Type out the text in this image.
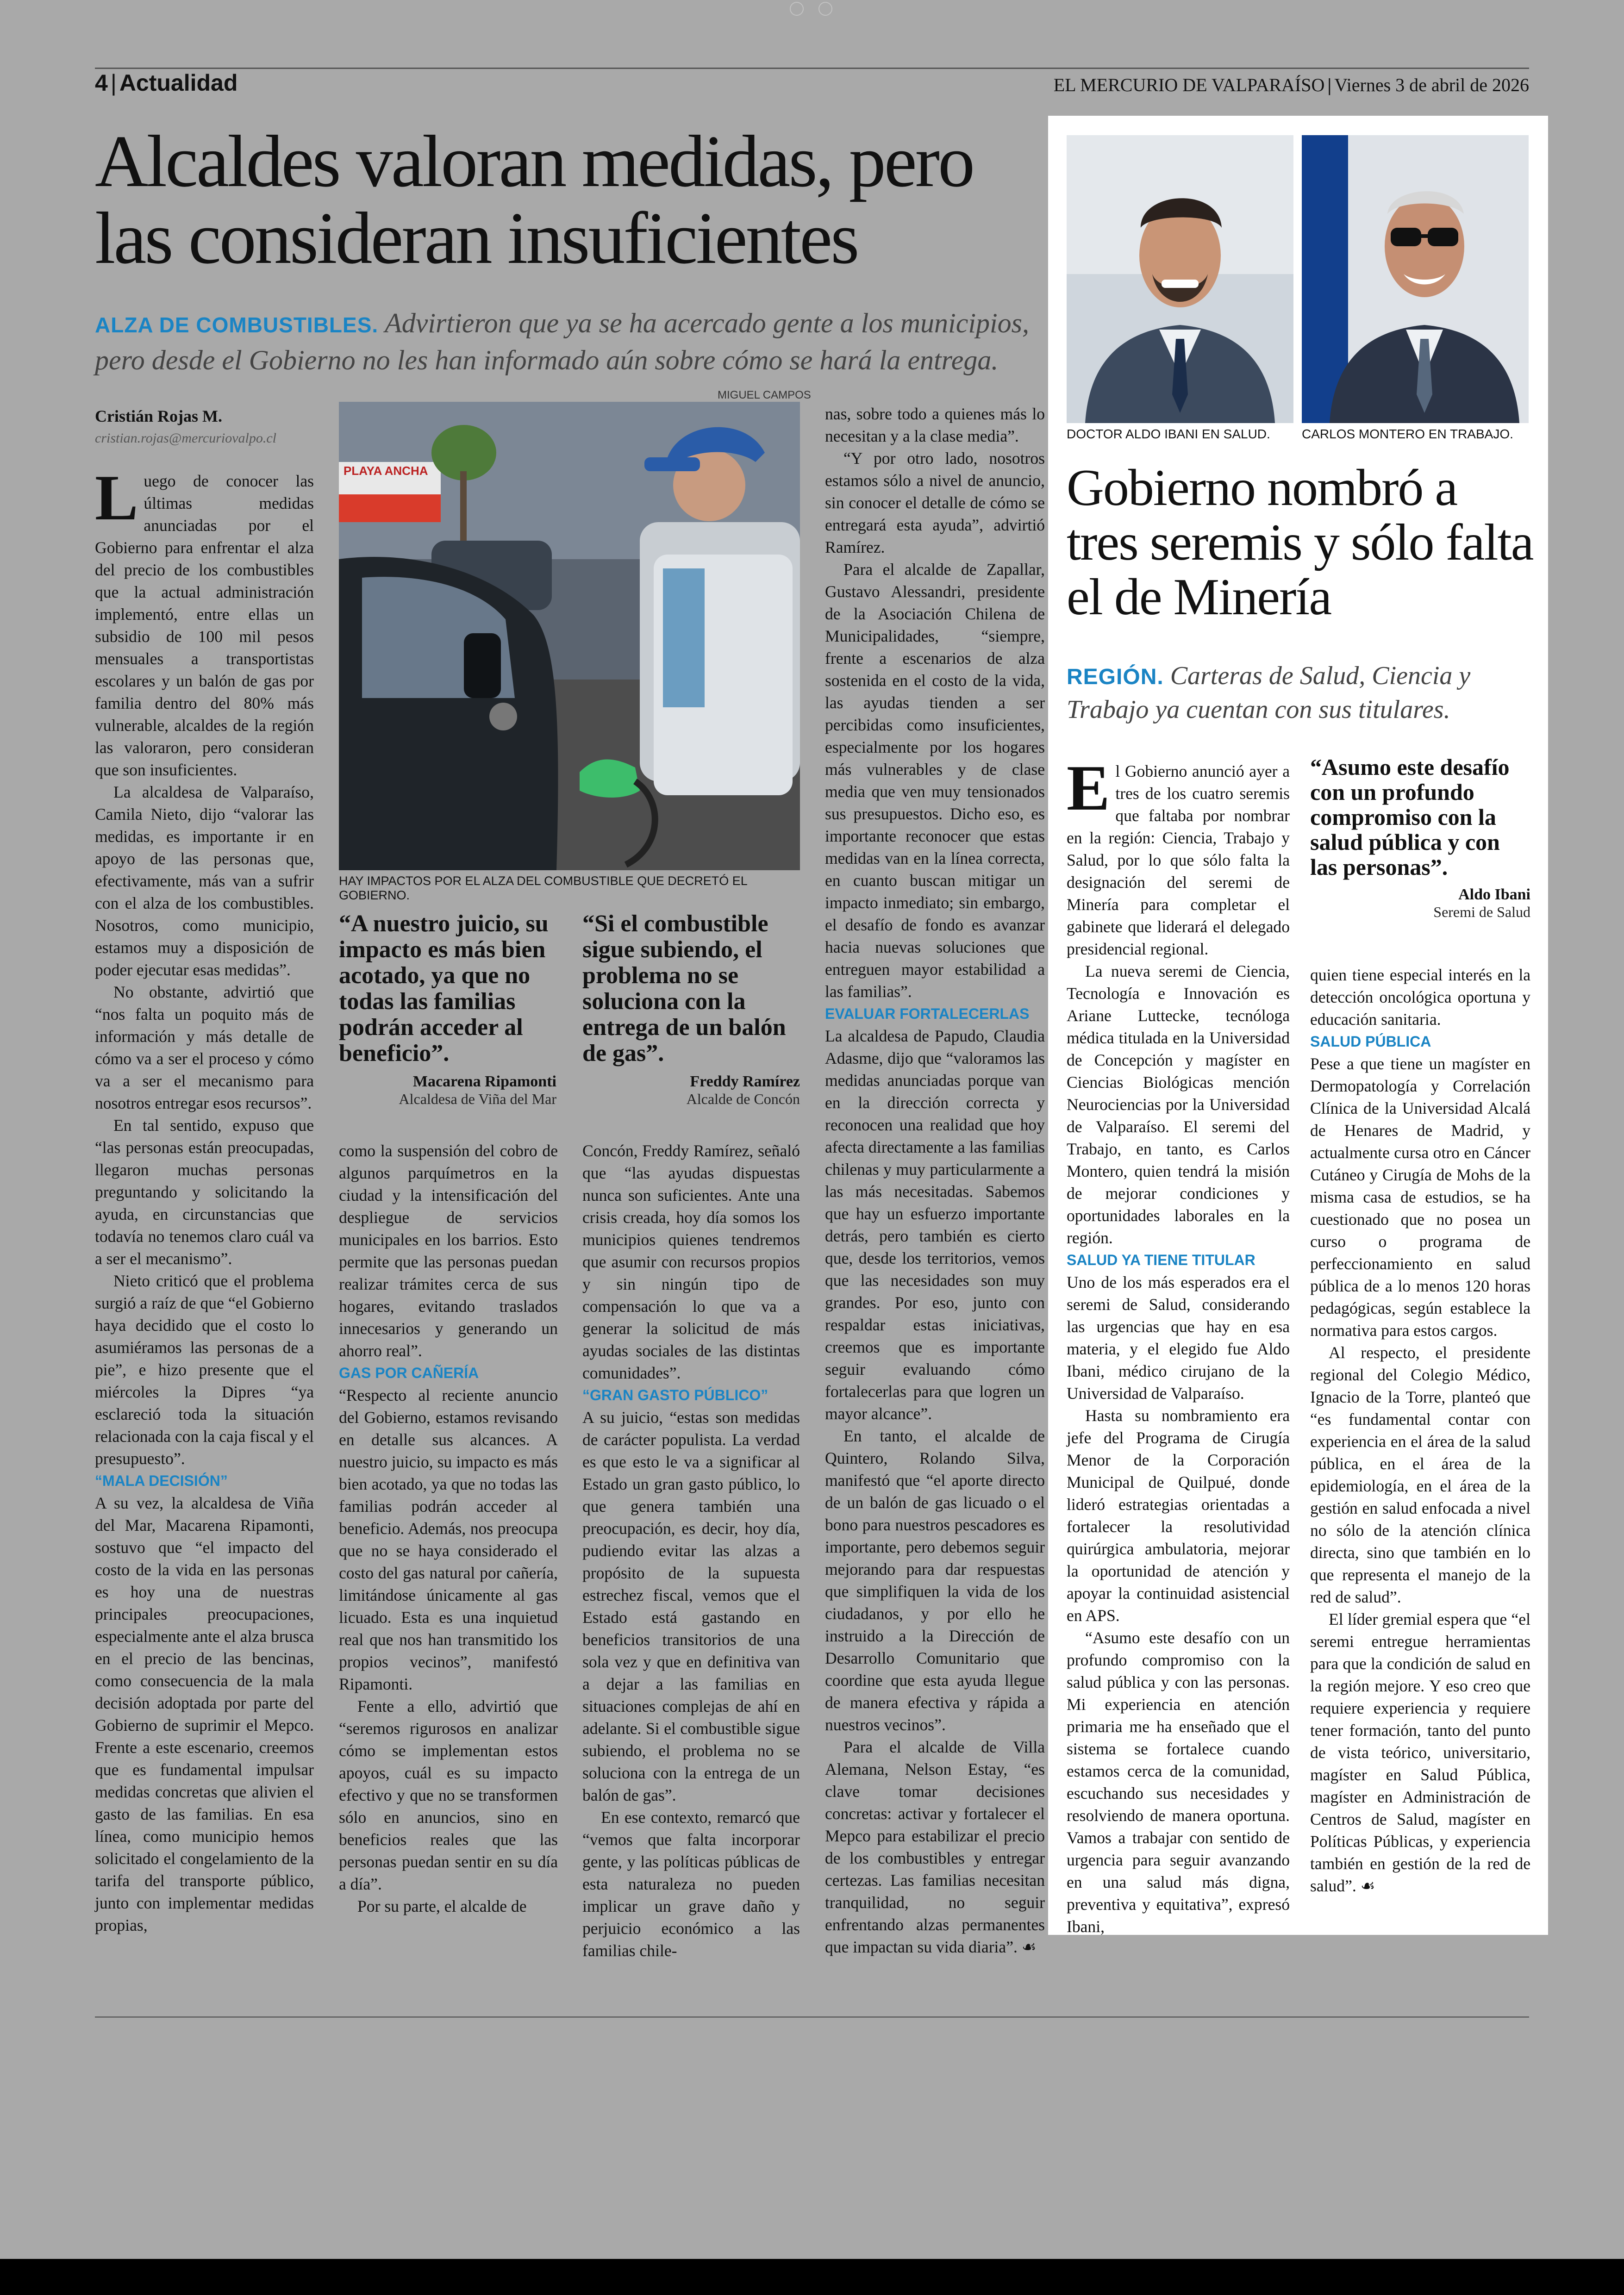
4 | Actualidad	EL MERCURIO DE VALPARAÍSO | Viernes 3 de abril de 2026
Alcaldes valoran medidas, pero las consideran insuficientes
ALZA DE COMBUSTIBLES. Advirtieron que ya se ha acercado gente a los municipios, pero desde el Gobierno no les han informado aún sobre cómo se hará la entrega.

Cristián Rojas M.

cristian.rojas@mercuriovalpo.cl

Luego de conocer las últimas medidas anunciadas por el Gobierno para enfrentar el alza del precio de los combustibles que la actual administración implementó, entre ellas un subsidio de 100 mil pesos mensuales a transportistas escolares y un balón de gas por familia dentro del 80% más vulnerable, alcaldes de la región las valoraron, pero consideran que son insuficientes.

La alcaldesa de Valparaíso, Camila Nieto, dijo “valorar las medidas, es importante ir en apoyo de las personas que, efectivamente, más van a sufrir con el alza de los combustibles. Nosotros, como municipio, estamos muy a disposición de poder ejecutar esas medidas”.

No obstante, advirtió que “nos falta un poquito más de información y más detalle de cómo va a ser el proceso y cómo va a ser el mecanismo para nosotros entregar esos recursos”.

En tal sentido, expuso que “las personas están preocupadas, llegaron muchas personas preguntando y solicitando la ayuda, en circunstancias que todavía no tenemos claro cuál va a ser el mecanismo”.

Nieto criticó que el problema surgió a raíz de que “el Gobierno haya decidido que el costo lo asumiéramos las personas de a pie”, e hizo presente que el miércoles la Dipres “ya esclareció toda la situación relacionada con la caja fiscal y el presupuesto”.

“MALA DECISIÓN”

A su vez, la alcaldesa de Viña del Mar, Macarena Ripamonti, sostuvo que “el impacto del costo de la vida en las personas es hoy una de nuestras principales preocupaciones, especialmente ante el alza brusca en el precio de las bencinas, como consecuencia de la mala decisión adoptada por parte del Gobierno de suprimir el Mepco. Frente a este escenario, creemos que es fundamental impulsar medidas concretas que alivien el gasto de las familias. En esa línea, como municipio hemos solicitado el congelamiento de la tarifa del transporte público, junto con implementar medidas propias,

MIGUEL CAMPOS
PLAYA ANCHA
HAY IMPACTOS POR EL ALZA DEL COMBUSTIBLE QUE DECRETÓ EL GOBIERNO.
“A nuestro juicio, su impacto es más bien acotado, ya que no todas las familias podrán acceder al beneficio”.
Macarena Ripamonti
Alcaldesa de Viña del Mar
“Si el combustible sigue subiendo, el problema no se soluciona con la entrega de un balón de gas”.
Freddy Ramírez
Alcalde de Concón

como la suspensión del cobro de algunos parquímetros en la ciudad y la intensificación del despliegue de servicios municipales en los barrios. Esto permite que las personas puedan realizar trámites cerca de sus hogares, evitando traslados innecesarios y generando un ahorro real”.

GAS POR CAÑERÍA

“Respecto al reciente anuncio del Gobierno, estamos revisando en detalle sus alcances. A nuestro juicio, su impacto es más bien acotado, ya que no todas las familias podrán acceder al beneficio. Además, nos preocupa que no se haya considerado el costo del gas natural por cañería, limitándose únicamente al gas licuado. Esta es una inquietud real que nos han transmitido los propios vecinos”, manifestó Ripamonti.

Fente a ello, advirtió que “seremos rigurosos en analizar cómo se implementan estos apoyos, cuál es su impacto efectivo y que no se transformen sólo en anuncios, sino en beneficios reales que las personas puedan sentir en su día a día”.

Por su parte, el alcalde de

Concón, Freddy Ramírez, señaló que “las ayudas dispuestas nunca son suficientes. Ante una crisis creada, hoy día somos los municipios quienes tendremos que asumir con recursos propios y sin ningún tipo de compensación lo que va a generar la solicitud de más ayudas sociales de las distintas comunidades”.

“GRAN GASTO PÚBLICO”

A su juicio, “estas son medidas de carácter populista. La verdad es que esto le va a significar al Estado un gran gasto público, lo que genera también una preocupación, es decir, hoy día, pudiendo evitar las alzas a propósito de la supuesta estrechez fiscal, vemos que el Estado está gastando en beneficios transitorios de una sola vez y que en definitiva van a dejar a las familias en situaciones complejas de ahí en adelante. Si el combustible sigue subiendo, el problema no se soluciona con la entrega de un balón de gas”.

En ese contexto, remarcó que “vemos que falta incorporar gente, y las políticas públicas de esta naturaleza no pueden implicar un grave daño y perjuicio económico a las familias chile-

nas, sobre todo a quienes más lo necesitan y a la clase media”.

“Y por otro lado, nosotros estamos sólo a nivel de anuncio, sin conocer el detalle de cómo se entregará esta ayuda”, advirtió Ramírez.

Para el alcalde de Zapallar, Gustavo Alessandri, presidente de la Asociación Chilena de Municipalidades, “siempre, frente a escenarios de alza sostenida en el costo de la vida, las ayudas tienden a ser percibidas como insuficientes, especialmente por los hogares más vulnerables y de clase media que ven muy tensionados sus presupuestos. Dicho eso, es importante reconocer que estas medidas van en la línea correcta, en cuanto buscan mitigar un impacto inmediato; sin embargo, el desafío de fondo es avanzar hacia nuevas soluciones que entreguen mayor estabilidad a las familias”.

EVALUAR FORTALECERLAS

La alcaldesa de Papudo, Claudia Adasme, dijo que “valoramos las medidas anunciadas porque van en la dirección correcta y reconocen una realidad que hoy afecta directamente a las familias chilenas y muy particularmente a las más necesitadas. Sabemos que hay un esfuerzo importante detrás, pero también es cierto que, desde los territorios, vemos que las necesidades son muy grandes. Por eso, junto con respaldar estas iniciativas, creemos que es importante seguir evaluando cómo fortalecerlas para que logren un mayor alcance”.

En tanto, el alcalde de Quintero, Rolando Silva, manifestó que “el aporte directo de un balón de gas licuado o el bono para nuestros pescadores es importante, pero debemos seguir mejorando para dar respuestas que simplifiquen la vida de los ciudadanos, y por ello he instruido a la Dirección de Desarrollo Comunitario que coordine que esta ayuda llegue de manera efectiva y rápida a nuestros vecinos”.

Para el alcalde de Villa Alemana, Nelson Estay, “es clave tomar decisiones concretas: activar y fortalecer el Mepco para estabilizar el precio de los combustibles y entregar certezas. Las familias necesitan tranquilidad, no seguir enfrentando alzas permanentes que impactan su vida diaria”. ☙

DOCTOR ALDO IBANI EN SALUD. CARLOS MONTERO EN TRABAJO.
Gobierno nombró a tres seremis y sólo falta el de Minería
REGIÓN. Carteras de Salud, Ciencia y Trabajo ya cuentan con sus titulares.

El Gobierno anunció ayer a tres de los cuatro seremis que faltaba por nombrar en la región: Ciencia, Trabajo y Salud, por lo que sólo falta la designación del seremi de Minería para completar el gabinete que liderará el delegado presidencial regional.

La nueva seremi de Ciencia, Tecnología e Innovación es Ariane Luttecke, tecnóloga médica titulada en la Universidad de Concepción y magíster en Ciencias Biológicas mención Neurociencias por la Universidad de Valparaíso. El seremi del Trabajo, en tanto, es Carlos Montero, quien tendrá la misión de mejorar condiciones y oportunidades laborales en la región.

SALUD YA TIENE TITULAR

Uno de los más esperados era el seremi de Salud, considerando las urgencias que hay en esa materia, y el elegido fue Aldo Ibani, médico cirujano de la Universidad de Valparaíso.

Hasta su nombramiento era jefe del Programa de Cirugía Menor de la Corporación Municipal de Quilpué, donde lideró estrategias orientadas a fortalecer la resolutividad quirúrgica ambulatoria, mejorar la oportunidad de atención y apoyar la continuidad asistencial en APS.

“Asumo este desafío con un profundo compromiso con la salud pública y con las personas. Mi experiencia en atención primaria me ha enseñado que el sistema se fortalece cuando estamos cerca de la comunidad, escuchando sus necesidades y resolviendo de manera oportuna. Vamos a trabajar con sentido de urgencia para seguir avanzando en una salud más digna, preventiva y equitativa”, expresó Ibani,

“Asumo este desafío con un profundo compromiso con la salud pública y con las personas”.
Aldo Ibani
Seremi de Salud

quien tiene especial interés en la detección oncológica oportuna y educación sanitaria.

SALUD PÚBLICA

Pese a que tiene un magíster en Dermopatología y Correlación Clínica de la Universidad Alcalá de Henares de Madrid, y actualmente cursa otro en Cáncer Cutáneo y Cirugía de Mohs de la misma casa de estudios, se ha cuestionado que no posea un curso o programa de perfeccionamiento en salud pública de a lo menos 120 horas pedagógicas, según establece la normativa para estos cargos.

Al respecto, el presidente regional del Colegio Médico, Ignacio de la Torre, planteó que “es fundamental contar con experiencia en el área de la salud pública, en el área de la epidemiología, en el área de la gestión en salud enfocada a nivel no sólo de la atención clínica directa, sino que también en lo que representa el manejo de la red de salud”.

El líder gremial espera que “el seremi entregue herramientas para que la condición de salud en la región mejore. Y eso creo que requiere experiencia y requiere tener formación, tanto del punto de vista teórico, universitario, magíster en Salud Pública, magíster en Administración de Centros de Salud, magíster en Políticas Públicas, y experiencia también en gestión de la red de salud”. ☙
